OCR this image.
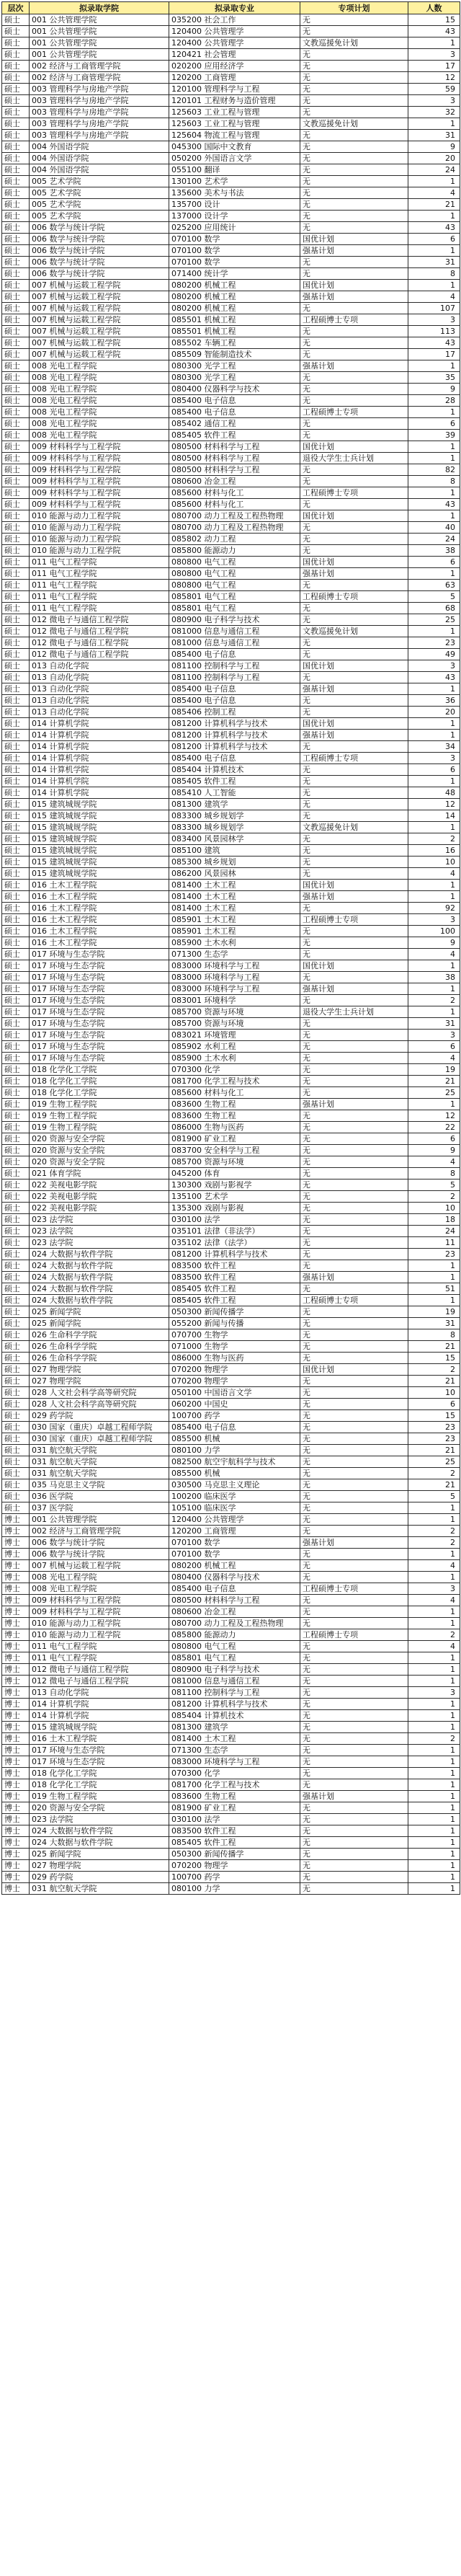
层次	拟录取学院	拟录取专业	专项计划	人数
硕士	001 公共管理学院	035200 社会工作	无	15
硕士	001 公共管理学院	120400 公共管理学	无	43
硕士	001 公共管理学院	120400 公共管理学	文教巡援免计划	1
硕士	001 公共管理学院	120421 社会管理	无	3
硕士	002 经济与工商管理学院	020200 应用经济学	无	17
硕士	002 经济与工商管理学院	120200 工商管理	无	12
硕士	003 管理科学与房地产学院	120100 管理科学与工程	无	59
硕士	003 管理科学与房地产学院	120101 工程财务与造价管理	无	3
硕士	003 管理科学与房地产学院	125603 工业工程与管理	无	32
硕士	003 管理科学与房地产学院	125603 工业工程与管理	文教巡援免计划	1
硕士	003 管理科学与房地产学院	125604 物流工程与管理	无	31
硕士	004 外国语学院	045300 国际中文教育	无	9
硕士	004 外国语学院	050200 外国语言文学	无	20
硕士	004 外国语学院	055100 翻译	无	24
硕士	005 艺术学院	130100 艺术学	无	1
硕士	005 艺术学院	135600 美术与书法	无	4
硕士	005 艺术学院	135700 设计	无	21
硕士	005 艺术学院	137000 设计学	无	1
硕士	006 数学与统计学院	025200 应用统计	无	43
硕士	006 数学与统计学院	070100 数学	国优计划	6
硕士	006 数学与统计学院	070100 数学	强基计划	1
硕士	006 数学与统计学院	070100 数学	无	31
硕士	006 数学与统计学院	071400 统计学	无	8
硕士	007 机械与运载工程学院	080200 机械工程	国优计划	1
硕士	007 机械与运载工程学院	080200 机械工程	强基计划	4
硕士	007 机械与运载工程学院	080200 机械工程	无	107
硕士	007 机械与运载工程学院	085501 机械工程	工程硕博士专项	3
硕士	007 机械与运载工程学院	085501 机械工程	无	113
硕士	007 机械与运载工程学院	085502 车辆工程	无	43
硕士	007 机械与运载工程学院	085509 智能制造技术	无	17
硕士	008 光电工程学院	080300 光学工程	强基计划	1
硕士	008 光电工程学院	080300 光学工程	无	35
硕士	008 光电工程学院	080400 仪器科学与技术	无	9
硕士	008 光电工程学院	085400 电子信息	无	28
硕士	008 光电工程学院	085400 电子信息	工程硕博士专项	1
硕士	008 光电工程学院	085402 通信工程	无	6
硕士	008 光电工程学院	085405 软件工程	无	39
硕士	009 材料科学与工程学院	080500 材料科学与工程	国优计划	1
硕士	009 材料科学与工程学院	080500 材料科学与工程	退役大学生士兵计划	1
硕士	009 材料科学与工程学院	080500 材料科学与工程	无	82
硕士	009 材料科学与工程学院	080600 冶金工程	无	8
硕士	009 材料科学与工程学院	085600 材料与化工	工程硕博士专项	1
硕士	009 材料科学与工程学院	085600 材料与化工	无	43
硕士	010 能源与动力工程学院	080700 动力工程及工程热物理	国优计划	1
硕士	010 能源与动力工程学院	080700 动力工程及工程热物理	无	40
硕士	010 能源与动力工程学院	085802 动力工程	无	24
硕士	010 能源与动力工程学院	085800 能源动力	无	38
硕士	011 电气工程学院	080800 电气工程	国优计划	6
硕士	011 电气工程学院	080800 电气工程	强基计划	1
硕士	011 电气工程学院	080800 电气工程	无	63
硕士	011 电气工程学院	085801 电气工程	工程硕博士专项	5
硕士	011 电气工程学院	085801 电气工程	无	68
硕士	012 微电子与通信工程学院	080900 电子科学与技术	无	25
硕士	012 微电子与通信工程学院	081000 信息与通信工程	文教巡援免计划	1
硕士	012 微电子与通信工程学院	081000 信息与通信工程	无	23
硕士	012 微电子与通信工程学院	085400 电子信息	无	49
硕士	013 自动化学院	081100 控制科学与工程	国优计划	3
硕士	013 自动化学院	081100 控制科学与工程	无	43
硕士	013 自动化学院	085400 电子信息	强基计划	1
硕士	013 自动化学院	085400 电子信息	无	36
硕士	013 自动化学院	085406 控制工程	无	20
硕士	014 计算机学院	081200 计算机科学与技术	国优计划	1
硕士	014 计算机学院	081200 计算机科学与技术	强基计划	1
硕士	014 计算机学院	081200 计算机科学与技术	无	34
硕士	014 计算机学院	085400 电子信息	工程硕博士专项	3
硕士	014 计算机学院	085404 计算机技术	无	6
硕士	014 计算机学院	085405 软件工程	无	1
硕士	014 计算机学院	085410 人工智能	无	48
硕士	015 建筑城规学院	081300 建筑学	无	12
硕士	015 建筑城规学院	083300 城乡规划学	无	14
硕士	015 建筑城规学院	083300 城乡规划学	文教巡援免计划	1
硕士	015 建筑城规学院	083400 风景园林学	无	2
硕士	015 建筑城规学院	085100 建筑	无	16
硕士	015 建筑城规学院	085300 城乡规划	无	10
硕士	015 建筑城规学院	086200 风景园林	无	4
硕士	016 土木工程学院	081400 土木工程	国优计划	1
硕士	016 土木工程学院	081400 土木工程	强基计划	1
硕士	016 土木工程学院	081400 土木工程	无	92
硕士	016 土木工程学院	085901 土木工程	工程硕博士专项	3
硕士	016 土木工程学院	085901 土木工程	无	100
硕士	016 土木工程学院	085900 土木水利	无	9
硕士	017 环境与生态学院	071300 生态学	无	4
硕士	017 环境与生态学院	083000 环境科学与工程	国优计划	1
硕士	017 环境与生态学院	083000 环境科学与工程	无	38
硕士	017 环境与生态学院	083000 环境科学与工程	强基计划	1
硕士	017 环境与生态学院	083001 环境科学	无	2
硕士	017 环境与生态学院	085700 资源与环境	退役大学生士兵计划	1
硕士	017 环境与生态学院	085700 资源与环境	无	31
硕士	017 环境与生态学院	083021 环境管理	无	3
硕士	017 环境与生态学院	085902 水利工程	无	6
硕士	017 环境与生态学院	085900 土木水利	无	4
硕士	018 化学化工学院	070300 化学	无	19
硕士	018 化学化工学院	081700 化学工程与技术	无	21
硕士	018 化学化工学院	085600 材料与化工	无	25
硕士	019 生物工程学院	083600 生物工程	强基计划	1
硕士	019 生物工程学院	083600 生物工程	无	12
硕士	019 生物工程学院	086000 生物与医药	无	22
硕士	020 资源与安全学院	081900 矿业工程	无	6
硕士	020 资源与安全学院	083700 安全科学与工程	无	9
硕士	020 资源与安全学院	085700 资源与环境	无	4
硕士	021 体育学院	045200 体育	无	8
硕士	022 美视电影学院	130300 戏剧与影视学	无	5
硕士	022 美视电影学院	135100 艺术学	无	2
硕士	022 美视电影学院	135300 戏剧与影视	无	10
硕士	023 法学院	030100 法学	无	18
硕士	023 法学院	035101 法律（非法学）	无	24
硕士	023 法学院	035102 法律（法学）	无	11
硕士	024 大数据与软件学院	081200 计算机科学与技术	无	23
硕士	024 大数据与软件学院	083500 软件工程	无	1
硕士	024 大数据与软件学院	083500 软件工程	强基计划	1
硕士	024 大数据与软件学院	085405 软件工程	无	51
硕士	024 大数据与软件学院	085405 软件工程	工程硕博士专项	1
硕士	025 新闻学院	050300 新闻传播学	无	19
硕士	025 新闻学院	055200 新闻与传播	无	31
硕士	026 生命科学学院	070700 生物学	无	8
硕士	026 生命科学学院	071000 生物学	无	21
硕士	026 生命科学学院	086000 生物与医药	无	15
硕士	027 物理学院	070200 物理学	国优计划	2
硕士	027 物理学院	070200 物理学	无	21
硕士	028 人文社会科学高等研究院	050100 中国语言文学	无	10
硕士	028 人文社会科学高等研究院	060200 中国史	无	6
硕士	029 药学院	100700 药学	无	15
硕士	030 国家（重庆）卓越工程师学院	085400 电子信息	无	23
硕士	030 国家（重庆）卓越工程师学院	085500 机械	无	23
硕士	031 航空航天学院	080100 力学	无	21
硕士	031 航空航天学院	082500 航空宇航科学与技术	无	25
硕士	031 航空航天学院	085500 机械	无	2
硕士	035 马克思主义学院	030500 马克思主义理论	无	21
硕士	036 医学院	100200 临床医学	无	5
硕士	037 医学院	105100 临床医学	无	1
博士	001 公共管理学院	120400 公共管理学	无	1
博士	002 经济与工商管理学院	120200 工商管理	无	2
博士	006 数学与统计学院	070100 数学	强基计划	2
博士	006 数学与统计学院	070100 数学	无	1
博士	007 机械与运载工程学院	080200 机械工程	无	4
博士	008 光电工程学院	080400 仪器科学与技术	无	1
博士	008 光电工程学院	085400 电子信息	工程硕博士专项	3
博士	009 材料科学与工程学院	080500 材料科学与工程	无	4
博士	009 材料科学与工程学院	080600 冶金工程	无	1
博士	010 能源与动力工程学院	080700 动力工程及工程热物理	无	1
博士	010 能源与动力工程学院	085800 能源动力	工程硕博士专项	2
博士	011 电气工程学院	080800 电气工程	无	4
博士	011 电气工程学院	085801 电气工程	无	1
博士	012 微电子与通信工程学院	080900 电子科学与技术	无	1
博士	012 微电子与通信工程学院	081000 信息与通信工程	无	1
博士	013 自动化学院	081100 控制科学与工程	无	3
博士	014 计算机学院	081200 计算机科学与技术	无	1
博士	014 计算机学院	085404 计算机技术	无	1
博士	015 建筑城规学院	081300 建筑学	无	1
博士	016 土木工程学院	081400 土木工程	无	2
博士	017 环境与生态学院	071300 生态学	无	1
博士	017 环境与生态学院	083000 环境科学与工程	无	1
博士	018 化学化工学院	070300 化学	无	1
博士	018 化学化工学院	081700 化学工程与技术	无	1
博士	019 生物工程学院	083600 生物工程	强基计划	1
博士	020 资源与安全学院	081900 矿业工程	无	1
博士	023 法学院	030100 法学	无	1
博士	024 大数据与软件学院	083500 软件工程	无	1
博士	024 大数据与软件学院	085405 软件工程	无	1
博士	025 新闻学院	050300 新闻传播学	无	1
博士	027 物理学院	070200 物理学	无	1
博士	029 药学院	100700 药学	无	1
博士	031 航空航天学院	080100 力学	无	1
